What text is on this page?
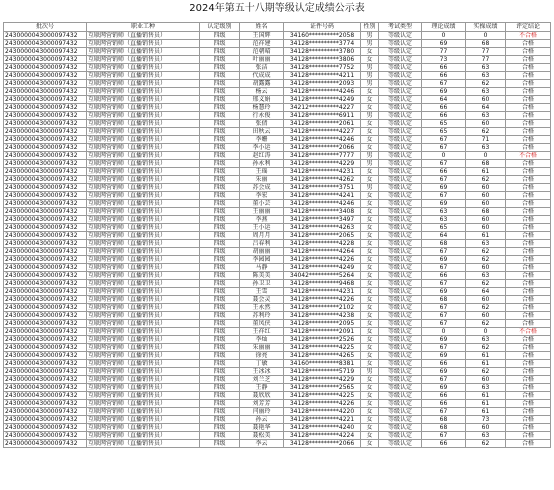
2024年第五十八期等级认定成绩公示表
批次号	职业工种	认定级别	姓名	证件号码	性别	考试类型	理论成绩	实操成绩	评定结论
2430000043000097432	互联网营销师（直播销售员）	四级	王国辉	34160**********2058	男	等级认定	0	0	不合格
2430000043000097432	互联网营销师（直播销售员）	四级	范祥建	34128**********3774	男	等级认定	69	68	合格
2430000043000097432	互联网营销师（直播销售员）	四级	范朝晴	34128**********3780	女	等级认定	77	77	合格
2430000043000097432	互联网营销师（直播销售员）	四级	叶丽丽	34128**********3806	女	等级认定	73	77	合格
2430000043000097432	互联网营销师（直播销售员）	四级	张洁	34128**********7752	男	等级认定	66	63	合格
2430000043000097432	互联网营销师（直播销售员）	四级	代成成	34128**********4211	男	等级认定	66	63	合格
2430000043000097432	互联网营销师（直播销售员）	四级	胡露露	34128**********2093	男	等级认定	67	62	合格
2430000043000097432	互联网营销师（直播销售员）	四级	杨云	34128**********4246	女	等级认定	69	63	合格
2430000043000097432	互联网营销师（直播销售员）	四级	邢义娟	34128**********4249	女	等级认定	64	60	合格
2430000043000097432	互联网营销师（直播销售员）	四级	杨慧玲	34212**********4227	女	等级认定	66	64	合格
2430000043000097432	互联网营销师（直播销售员）	四级	行永俊	34128**********6911	男	等级认定	66	63	合格
2430000043000097432	互联网营销师（直播销售员）	四级	张倩	34128**********2061	女	等级认定	65	60	合格
2430000043000097432	互联网营销师（直播销售员）	四级	田秋云	34128**********4227	女	等级认定	65	62	合格
2430000043000097432	互联网营销师（直播销售员）	四级	李姗	34128**********4246	女	等级认定	67	71	合格
2430000043000097432	互联网营销师（直播销售员）	四级	李小运	34128**********2066	女	等级认定	67	63	合格
2430000043000097432	互联网营销师（直播销售员）	四级	赵红涛	34128**********7777	男	等级认定	0	0	不合格
2430000043000097432	互联网营销师（直播销售员）	四级	孙永利	34128**********4229	男	等级认定	67	68	合格
2430000043000097432	互联网营销师（直播销售员）	四级	王瑶	34128**********4231	女	等级认定	66	61	合格
2430000043000097432	互联网营销师（直播销售员）	四级	朱丽	34128**********4262	女	等级认定	67	62	合格
2430000043000097432	互联网营销师（直播销售员）	四级	苏会成	34128**********3751	男	等级认定	69	60	合格
2430000043000097432	互联网营销师（直播销售员）	四级	李宏	34128**********4241	女	等级认定	67	60	合格
2430000043000097432	互联网营销师（直播销售员）	四级	董小芸	34128**********4246	女	等级认定	69	60	合格
2430000043000097432	互联网营销师（直播销售员）	四级	王丽丽	34128**********3408	女	等级认定	63	68	合格
2430000043000097432	互联网营销师（直播销售员）	四级	李燕	34128**********3497	女	等级认定	63	60	合格
2430000043000097432	互联网营销师（直播销售员）	四级	王小运	34128**********4263	女	等级认定	65	60	合格
2430000043000097432	互联网营销师（直播销售员）	四级	周月月	34128**********2065	女	等级认定	64	61	合格
2430000043000097432	互联网营销师（直播销售员）	四级	吕春利	34128**********4228	女	等级认定	68	63	合格
2430000043000097432	互联网营销师（直播销售员）	四级	胡丽丽	34128**********4264	女	等级认定	67	62	合格
2430000043000097432	互联网营销师（直播销售员）	四级	李园园	34128**********4226	女	等级认定	69	62	合格
2430000043000097432	互联网营销师（直播销售员）	四级	马静	34128**********4249	女	等级认定	67	60	合格
2430000043000097432	互联网营销师（直播销售员）	四级	陈美美	34042**********5264	女	等级认定	66	63	合格
2430000043000097432	互联网营销师（直播销售员）	四级	孙卫卫	34128**********9468	女	等级认定	67	62	合格
2430000043000097432	互联网营销师（直播销售员）	四级	王雪	34128**********4231	女	等级认定	69	64	合格
2430000043000097432	互联网营销师（直播销售员）	四级	聂会灵	34128**********4226	女	等级认定	68	60	合格
2430000043000097432	互联网营销师（直播销售员）	四级	王永然	34128**********2102	女	等级认定	67	62	合格
2430000043000097432	互联网营销师（直播销售员）	四级	苏利玲	34128**********4238	女	等级认定	67	60	合格
2430000043000097432	互联网营销师（直播销售员）	四级	董凤侠	34128**********2095	女	等级认定	67	62	合格
2430000043000097432	互联网营销师（直播销售员）	四级	王祥红	34128**********2091	女	等级认定	0	0	不合格
2430000043000097432	互联网营销师（直播销售员）	四级	李灿	34128**********2526	女	等级认定	69	63	合格
2430000043000097432	互联网营销师（直播销售员）	四级	朱丽丽	34128**********4225	女	等级认定	67	62	合格
2430000043000097432	互联网营销师（直播销售员）	四级	徐亮	34128**********4265	女	等级认定	69	61	合格
2430000043000097432	互联网营销师（直播销售员）	四级	丁敏	34160**********8381	女	等级认定	66	61	合格
2430000043000097432	互联网营销师（直播销售员）	四级	王冰冰	34128**********5719	男	等级认定	69	62	合格
2430000043000097432	互联网营销师（直播销售员）	四级	刘兰芝	34128**********4229	女	等级认定	67	60	合格
2430000043000097432	互联网营销师（直播销售员）	四级	王静	34128**********2565	女	等级认定	69	63	合格
2430000043000097432	互联网营销师（直播销售员）	四级	聂欣欣	34128**********4225	女	等级认定	66	61	合格
2430000043000097432	互联网营销师（直播销售员）	四级	刘芳芳	34128**********4226	女	等级认定	66	61	合格
2430000043000097432	互联网营销师（直播销售员）	四级	闫丽玲	34128**********4220	女	等级认定	67	61	合格
2430000043000097432	互联网营销师（直播销售员）	四级	孙云	34128**********4221	女	等级认定	68	73	合格
2430000043000097432	互联网营销师（直播销售员）	四级	聂艳华	34128**********4240	女	等级认定	68	60	合格
2430000043000097432	互联网营销师（直播销售员）	四级	聂松美	34128**********4224	女	等级认定	67	63	合格
2430000043000097432	互联网营销师（直播销售员）	四级	李云	34128**********2066	女	等级认定	66	62	合格
